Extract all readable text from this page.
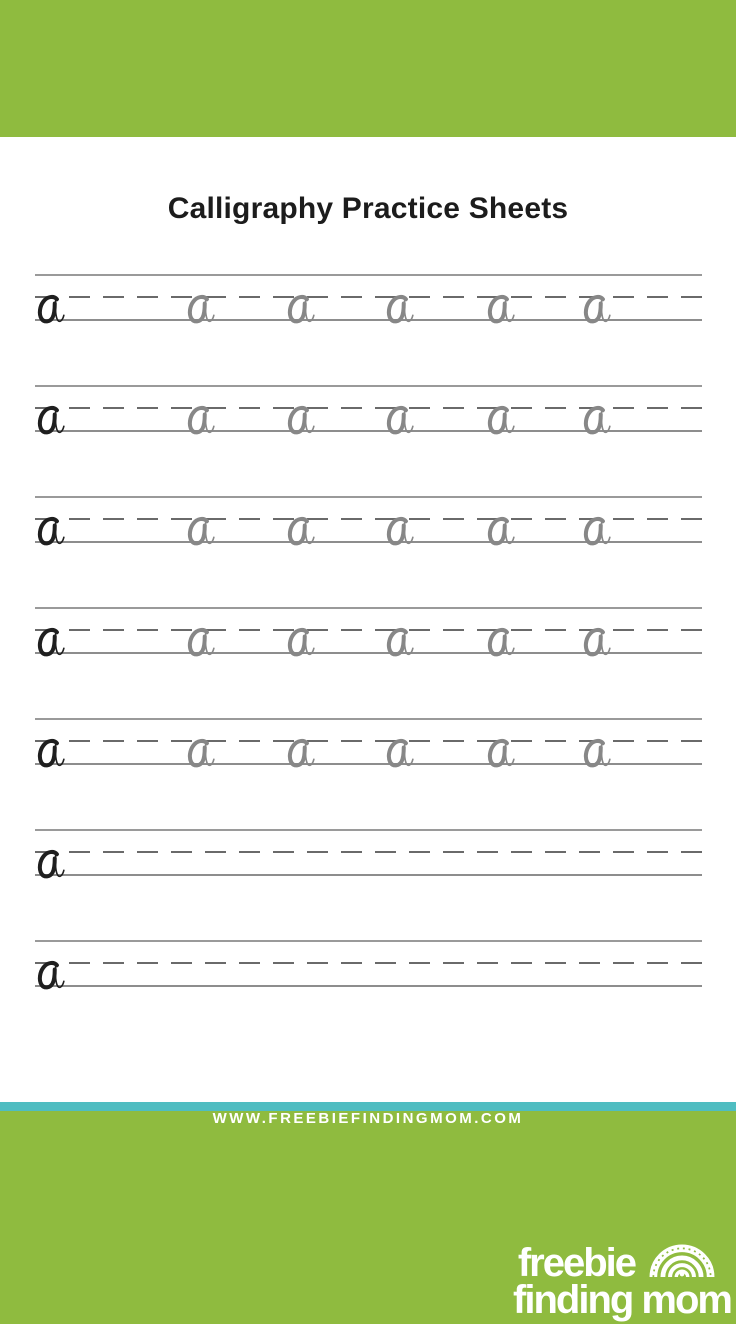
Calligraphy Practice Sheets
WWW.FREEBIEFINDINGMOM.COM
freebie
finding mom
